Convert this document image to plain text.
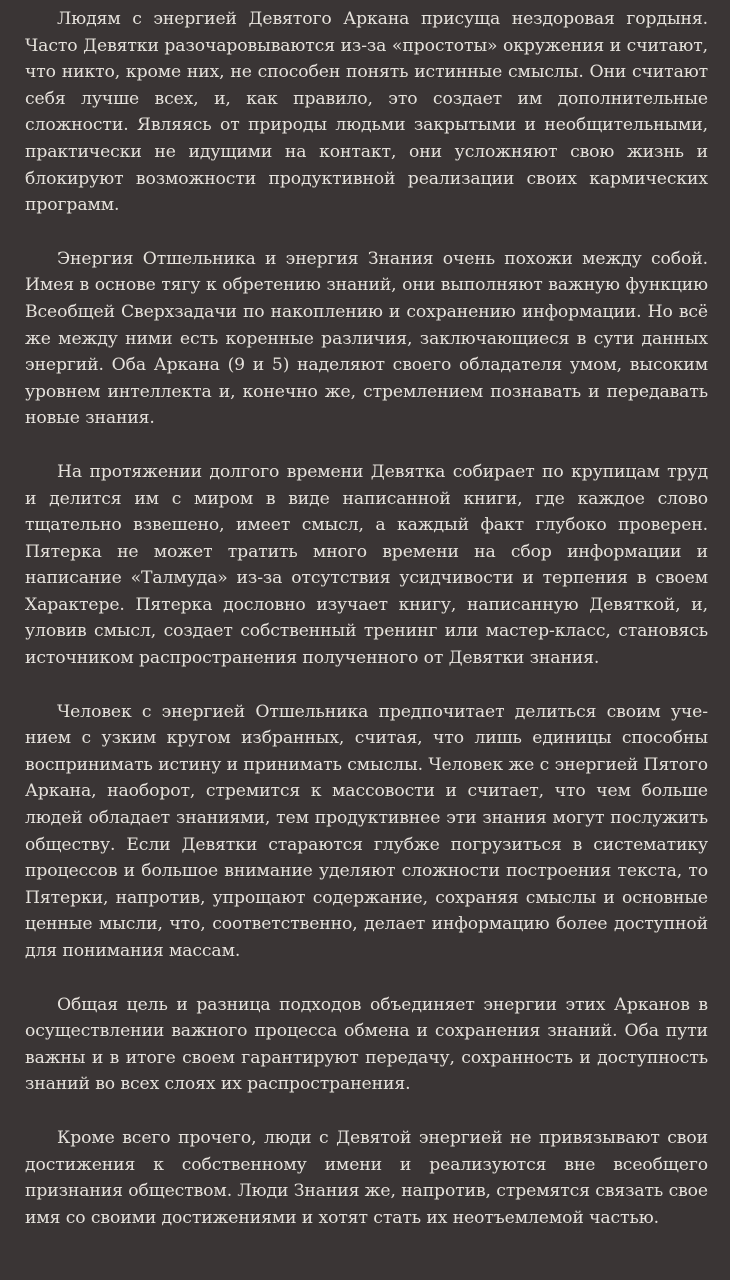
Людям с энергией Девятого Аркана присуща нездоровая гордыня. Часто Девятки разочаровываются из-за «простоты» окружения и считают, что никто, кроме них, не способен понять истинные смыслы. Они считают себя лучше всех, и, как правило, это создает им дополнительные сложности. Являясь от природы людьми закрытыми и необщительными, практически не идущими на контакт, они усложняют свою жизнь и блокируют возможности продуктивной реализации своих кармических программ.

Энергия Отшельника и энергия Знания очень похожи между собой. Имея в основе тягу к обретению знаний, они выполняют важную функцию Всеобщей Сверхзадачи по накоплению и сохранению информации. Но всё же между ними есть коренные различия, заключающиеся в сути данных энергий. Оба Аркана (9 и 5) наделяют своего обладателя умом, высоким уровнем интеллекта и, конечно же, стремлением познавать и передавать новые знания.

На протяжении долгого времени Девятка собирает по крупицам труд и делится им с миром в виде написанной книги, где каждое слово тщательно взвешено, имеет смысл, а каждый факт глубоко проверен. Пятерка не может тратить много времени на сбор информации и написание «Талмуда» из-за отсутствия усидчивости и терпения в своем Характере. Пятерка дословно изучает книгу, написанную Девяткой, и, уловив смысл, создает собственный тренинг или мастер-класс, становясь источником распространения полученного от Девятки знания.

Человек с энергией Отшельника предпочитает делиться своим учением с узким кругом избранных, считая, что лишь единицы способны воспринимать истину и принимать смыслы. Человек же с энергией Пятого Аркана, наоборот, стремится к массовости и считает, что чем больше людей обладает знаниями, тем продуктивнее эти знания могут послужить обществу. Если Девятки стараются глубже погрузиться в систематику процессов и большое внимание уделяют сложности построения текста, то Пятерки, напротив, упрощают содержание, сохраняя смыслы и основные ценные мысли, что, соответственно, делает информацию более доступной для понимания массам.

Общая цель и разница подходов объединяет энергии этих Арканов в осуществлении важного процесса обмена и сохранения знаний. Оба пути важны и в итоге своем гарантируют передачу, сохранность и доступность знаний во всех слоях их распространения.

Кроме всего прочего, люди с Девятой энергией не привязывают свои достижения к собственному имени и реализуются вне всеобщего признания обществом. Люди Знания же, напротив, стремятся связать свое имя со своими достижениями и хотят стать их неотъемлемой частью.
